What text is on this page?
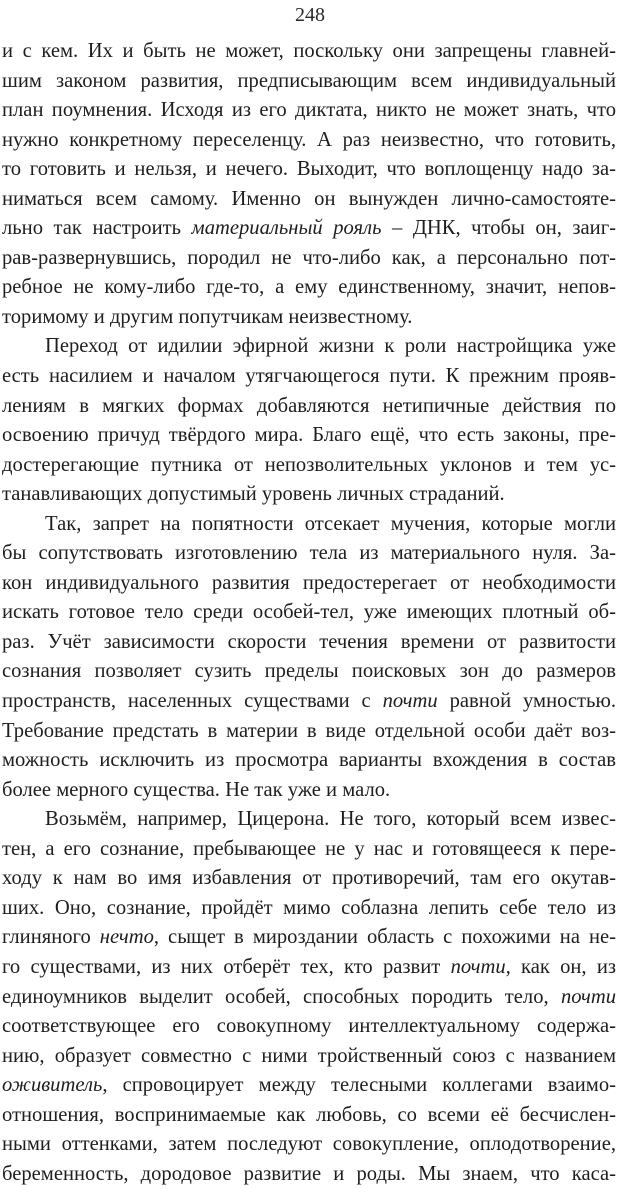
248
и с кем. Их и быть не может, поскольку они запрещены главней-
шим законом развития, предписывающим всем индивидуальный
план поумнения. Исходя из его диктата, никто не может знать, что
нужно конкретному переселенцу. А раз неизвестно, что готовить,
то готовить и нельзя, и нечего. Выходит, что воплощенцу надо за-
ниматься всем самому. Именно он вынужден лично-самостояте-
льно так настроить материальный рояль – ДНК, чтобы он, заиг-
рав-развернувшись, породил не что-либо как, а персонально пот-
ребное не кому-либо где-то, а ему единственному, значит, непов-
торимому и другим попутчикам неизвестному.
Переход от идилии эфирной жизни к роли настройщика уже
есть насилием и началом утягчающегося пути. К прежним прояв-
лениям в мягких формах добавляются нетипичные действия по
освоению причуд твёрдого мира. Благо ещё, что есть законы, пре-
достерегающие путника от непозволительных уклонов и тем ус-
танавливающих допустимый уровень личных страданий.
Так, запрет на попятности отсекает мучения, которые могли
бы сопутствовать изготовлению тела из материального нуля. За-
кон индивидуального развития предостерегает от необходимости
искать готовое тело среди особей-тел, уже имеющих плотный об-
раз. Учёт зависимости скорости течения времени от развитости
сознания позволяет сузить пределы поисковых зон до размеров
пространств, населенных существами с почти равной умностью.
Требование предстать в материи в виде отдельной особи даёт воз-
можность исключить из просмотра варианты вхождения в состав
более мерного существа. Не так уже и мало.
Возьмём, например, Цицерона. Не того, который всем извес-
тен, а его сознание, пребывающее не у нас и готовящееся к пере-
ходу к нам во имя избавления от противоречий, там его окутав-
ших. Оно, сознание, пройдёт мимо соблазна лепить себе тело из
глиняного нечто, сыщет в мироздании область с похожими на не-
го существами, из них отберёт тех, кто развит почти, как он, из
единоумников выделит особей, способных породить тело, почти
соответствующее его совокупному интеллектуальному содержа-
нию, образует совместно с ними тройственный союз с названием
оживитель, спровоцирует между телесными коллегами взаимо-
отношения, воспринимаемые как любовь, со всеми её бесчислен-
ными оттенками, затем последуют совокупление, оплодотворение,
беременность, дородовое развитие и роды. Мы знаем, что каса-
